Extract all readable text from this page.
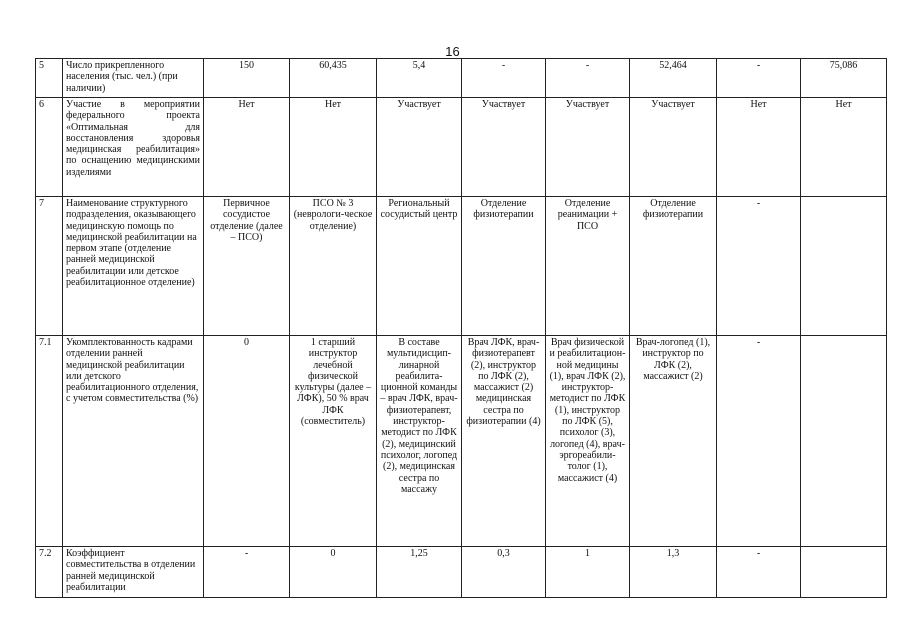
16
5	Число прикрепленного населения (тыс. чел.) (при наличии)	150	60,435	5,4	-	-	52,464	-	75,086
6	Участие в мероприятии федерального проекта «Оптимальная для восстановления здоровья медицинская реабилитация» по оснащению медицинскими изделиями	Нет	Нет	Участвует	Участвует	Участвует	Участвует	Нет	Нет
7	Наименование структурного подразделения, оказывающего медицинскую помощь по медицинской реабилитации на первом этапе (отделение ранней медицинской реабилитации или детское реабилитационное отделение)	Первичное сосудистое отделение (далее – ПСО)	ПСО № 3 (неврологи-ческое отделение)	Региональный сосудистый центр	Отделение физиотерапии	Отделение реанимации + ПСО	Отделение физиотерапии	-	
7.1	Укомплектованность кадрами отделении ранней медицинской реабилитации или детского реабилитационного отделения, с учетом совместительства (%)	0	1 старший инструктор лечебной физической культуры (далее – ЛФК), 50 % врач ЛФК (совместитель)	В составе мультидисцип-линарной реабилита-ционной команды – врач ЛФК, врач-физиотерапевт, инструктор-методист по ЛФК (2), медицинский психолог, логопед (2), медицинская сестра по массажу	Врач ЛФК, врач-физиотерапевт (2), инструктор по ЛФК (2), массажист (2) медицинская сестра по физиотерапии (4)	Врач физической и реабилитацион-ной медицины (1), врач ЛФК (2), инструктор-методист по ЛФК (1), инструктор по ЛФК (5), психолог (3), логопед (4), врач-эргореабили-толог (1), массажист (4)	Врач-логопед (1), инструктор по ЛФК (2), массажист (2)	-	
7.2	Коэффициент совместительства в отделении ранней медицинской реабилитации	-	0	1,25	0,3	1	1,3	-	
